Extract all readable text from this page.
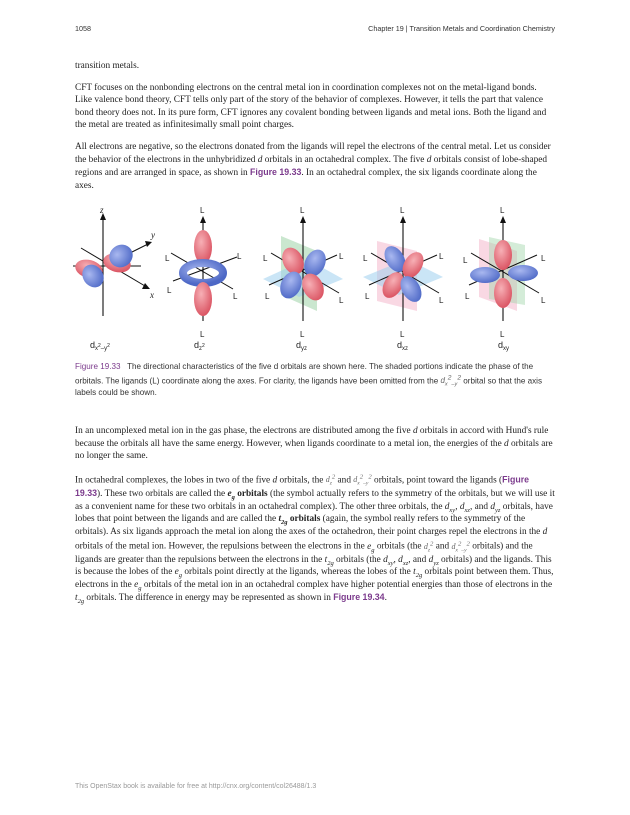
1058	Chapter 19 | Transition Metals and Coordination Chemistry

transition metals.

CFT focuses on the nonbonding electrons on the central metal ion in coordination complexes not on the metal-ligand bonds. Like valence bond theory, CFT tells only part of the story of the behavior of complexes. However, it tells the part that valence bond theory does not. In its pure form, CFT ignores any covalent bonding between ligands and metal ions. Both the ligand and the metal are treated as infinitesimally small point charges.

All electrons are negative, so the electrons donated from the ligands will repel the electrons of the central metal. Let us consider the behavior of the electrons in the unhybridized d orbitals in an octahedral complex. The five d orbitals consist of lobe-shaped regions and are arranged in space, as shown in Figure 19.33. In an octahedral complex, the six ligands coordinate along the axes.

z
y
x
$d_x^2_{-y}^2$
L
L
L	L
L
L
$d_z^2$
L
L
L	L
L	L
$d_{yz}$
L
L
L	L
L	L
$d_{xz}$
L
L
L	L
L	L
$d_{xy}$
Figure 19.33 The directional characteristics of the five d orbitals are shown here. The shaded portions indicate the phase of the orbitals. The ligands (L) coordinate along the axes. For clarity, the ligands have been omitted from the $d_x^2_{-y}^2$ orbital so that the axis labels could be shown.

In an uncomplexed metal ion in the gas phase, the electrons are distributed among the five d orbitals in accord with Hund's rule because the orbitals all have the same energy. However, when ligands coordinate to a metal ion, the energies of the d orbitals are no longer the same.

In octahedral complexes, the lobes in two of the five d orbitals, the $d_z^2$ and $d_x^2_{-y}^2$ orbitals, point toward the ligands (Figure 19.33). These two orbitals are called the $e_g$ orbitals (the symbol actually refers to the symmetry of the orbitals, but we will use it as a convenient name for these two orbitals in an octahedral complex). The other three orbitals, the $d_{xy}$, $d_{xz}$, and $d_{yz}$ orbitals, have lobes that point between the ligands and are called the $t_{2g}$ orbitals (again, the symbol really refers to the symmetry of the orbitals). As six ligands approach the metal ion along the axes of the octahedron, their point charges repel the electrons in the d orbitals of the metal ion. However, the repulsions between the electrons in the $e_g$ orbitals (the $d_z^2$ and $d_x^2_{-y}^2$ orbitals) and the ligands are greater than the repulsions between the electrons in the $t_{2g}$ orbitals (the $d_{xy}$, $d_{xz}$, and $d_{yz}$ orbitals) and the ligands. This is because the lobes of the $e_g$ orbitals point directly at the ligands, whereas the lobes of the $t_{2g}$ orbitals point between them. Thus, electrons in the $e_g$ orbitals of the metal ion in an octahedral complex have higher potential energies than those of electrons in the $t_{2g}$ orbitals. The difference in energy may be represented as shown in Figure 19.34.

This OpenStax book is available for free at http://cnx.org/content/col26488/1.3
